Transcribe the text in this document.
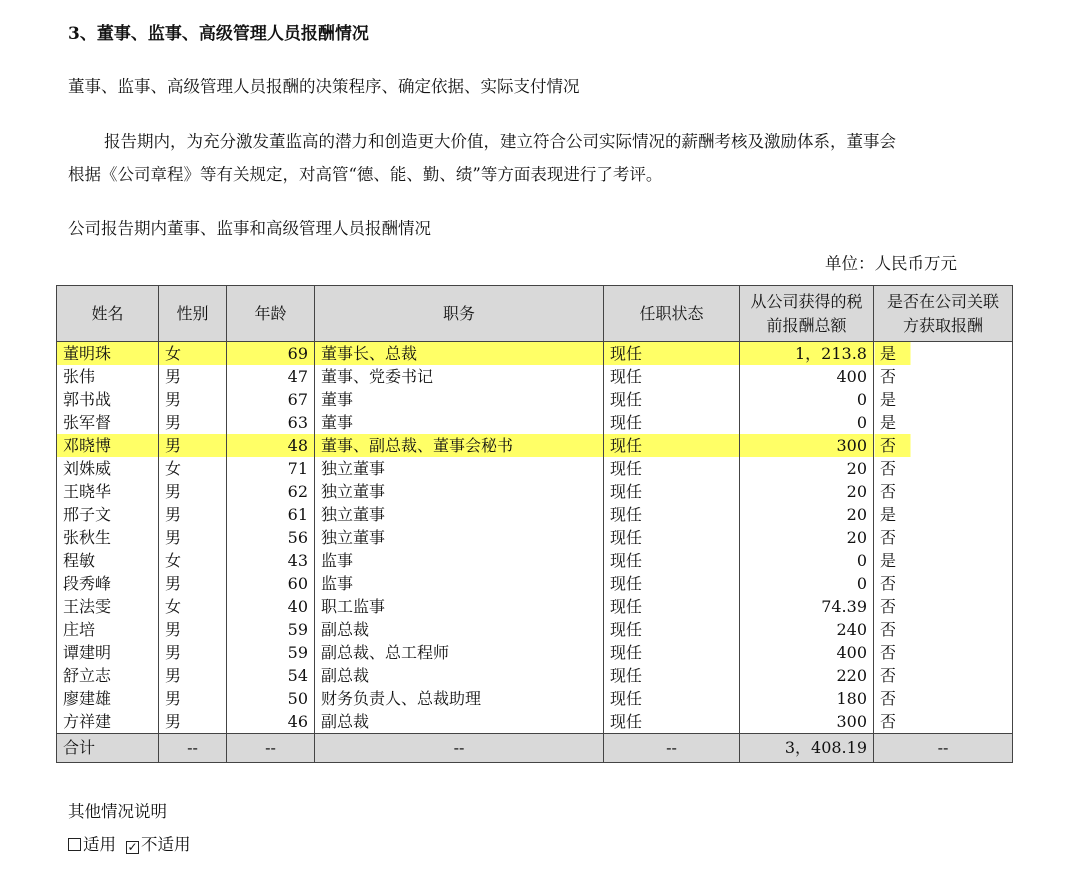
3、董事、监事、高级管理人员报酬情况
董事、监事、高级管理人员报酬的决策程序、确定依据、实际支付情况
报告期内，为充分激发董监高的潜力和创造更大价值，建立符合公司实际情况的薪酬考核及激励体系，董事会
根据《公司章程》等有关规定，对高管“德、能、勤、绩”等方面表现进行了考评。
公司报告期内董事、监事和高级管理人员报酬情况
单位：人民币万元
姓名	性别	年龄	职务	任职状态	从公司获得的税前报酬总额	是否在公司关联方获取报酬
董明珠	女	69	董事长、总裁	现任	1，213.8	是
张伟	男	47	董事、党委书记	现任	400	否
郭书战	男	67	董事	现任	0	是
张军督	男	63	董事	现任	0	是
邓晓博	男	48	董事、副总裁、董事会秘书	现任	300	否
刘姝威	女	71	独立董事	现任	20	否
王晓华	男	62	独立董事	现任	20	否
邢子文	男	61	独立董事	现任	20	是
张秋生	男	56	独立董事	现任	20	否
程敏	女	43	监事	现任	0	是
段秀峰	男	60	监事	现任	0	否
王法雯	女	40	职工监事	现任	74.39	否
庄培	男	59	副总裁	现任	240	否
谭建明	男	59	副总裁、总工程师	现任	400	否
舒立志	男	54	副总裁	现任	220	否
廖建雄	男	50	财务负责人、总裁助理	现任	180	否
方祥建	男	46	副总裁	现任	300	否
合计	--	--	--	--	3，408.19	--
其他情况说明
适用 ✓ 不适用
